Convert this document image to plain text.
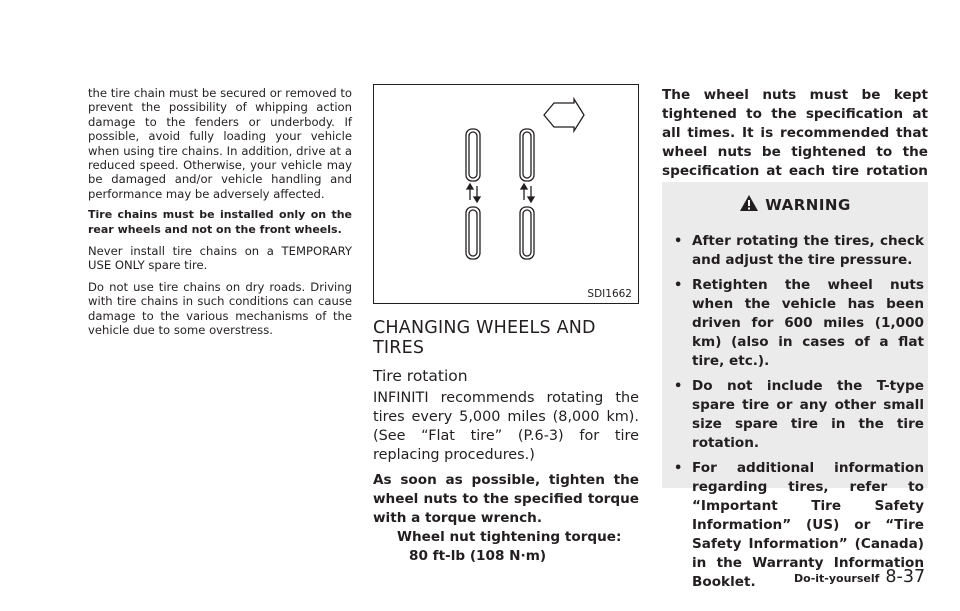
the tire chain must be secured or removed to prevent the possibility of whipping action damage to the fenders or underbody. If possible, avoid fully loading your vehicle when using tire chains. In addition, drive at a reduced speed. Otherwise, your vehicle may be damaged and/or vehicle handling and performance may be adversely affected.

Tire chains must be installed only on the rear wheels and not on the front wheels.

Never install tire chains on a TEMPORARY USE ONLY spare tire.

Do not use tire chains on dry roads. Driving with tire chains in such conditions can cause damage to the various mechanisms of the vehicle due to some overstress.

SDI1662
CHANGING WHEELS AND TIRES
Tire rotation

INFINITI recommends rotating the tires every 5,000 miles (8,000 km). (See “Flat tire” (P.6-3) for tire replacing procedures.)

As soon as possible, tighten the wheel nuts to the specified torque with a torque wrench.

Wheel nut tightening torque:
80 ft-lb (108 N·m)

The wheel nuts must be kept tightened to the specification at all times. It is recommended that wheel nuts be tightened to the specification at each tire rotation

WARNING
• After rotating the tires, check and adjust the tire pressure.
• Retighten the wheel nuts when the vehicle has been driven for 600 miles (1,000 km) (also in cases of a flat tire, etc.).
• Do not include the T-type spare tire or any other small size spare tire in the tire rotation.
• For additional information regarding tires, refer to “Important Tire Safety Information” (US) or “Tire Safety Information” (Canada) in the Warranty Information Booklet.	Do-it-yourself 8-37
